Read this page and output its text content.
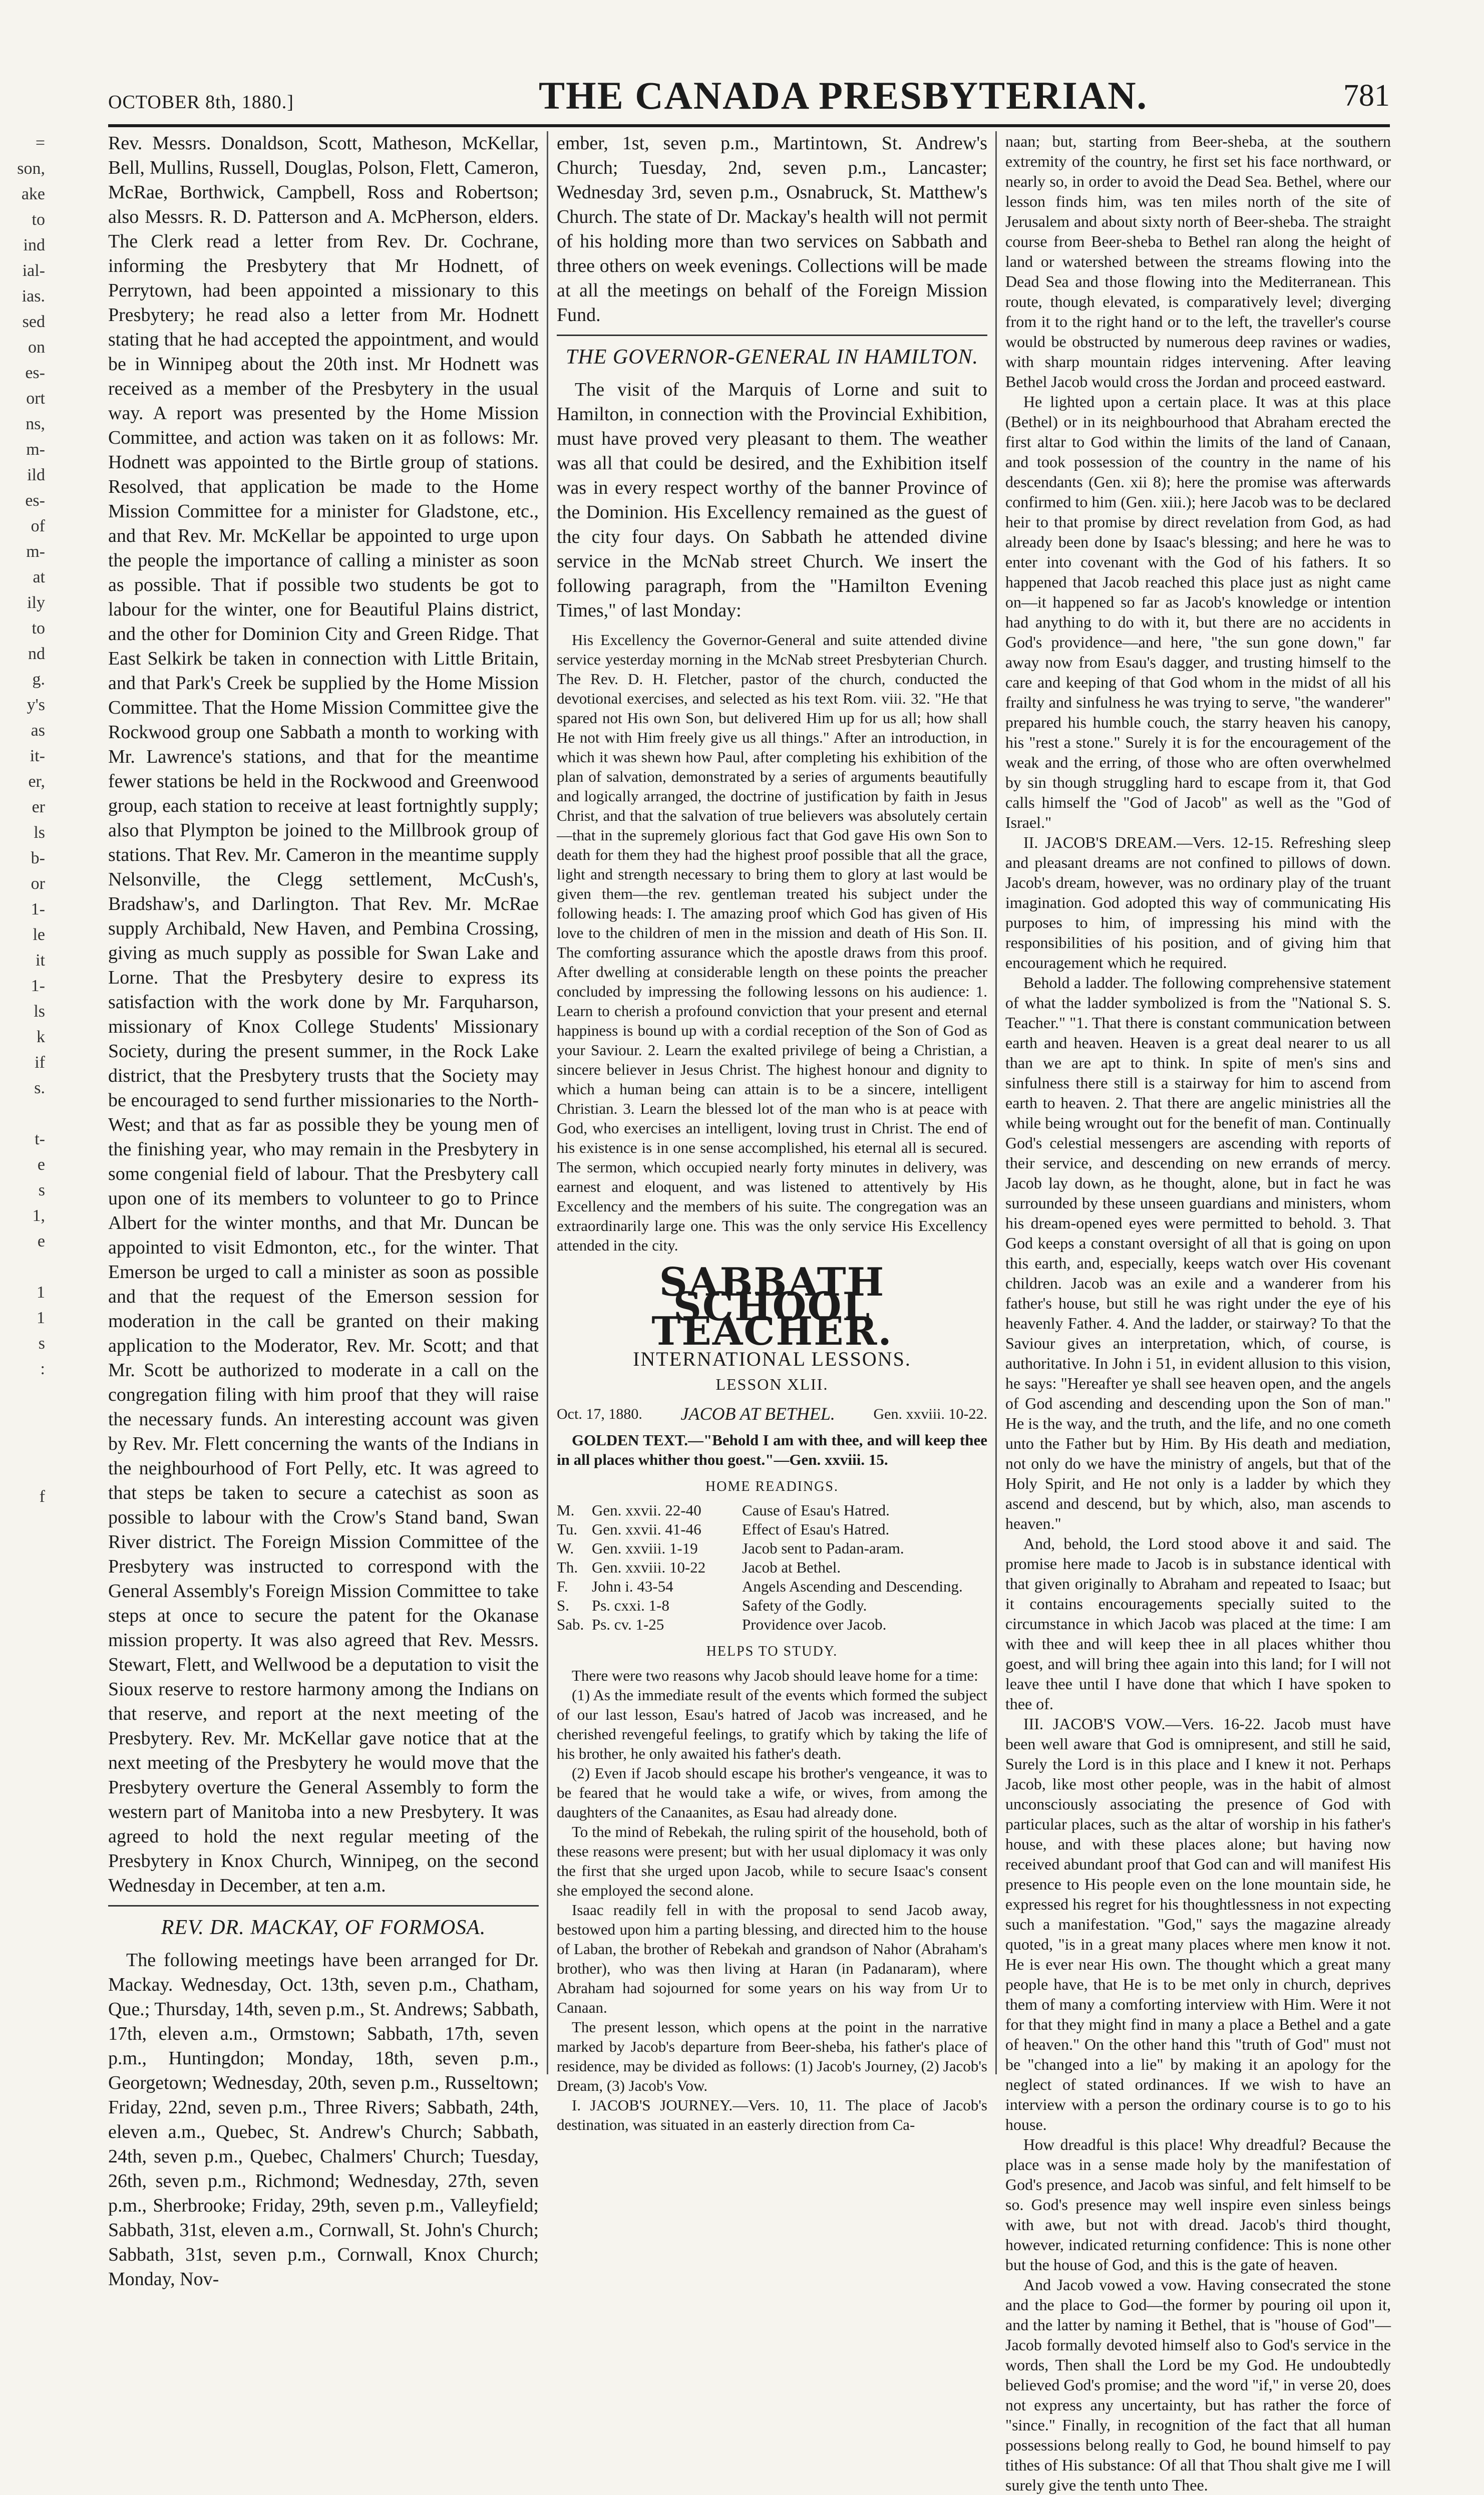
OCTOBER 8th, 1880.]	THE CANADA PRESBYTERIAN.	781
=
son,
ake
to
ind
ial-
ias.
sed
on
es-
ort
ns,
m-
ild
es-
of
m-
at
ily
to
nd
g.
y's
as
it-
er,
er
ls
b-
or
1-
le
it
1-
ls
k
if
s.
t-
e
s
1,
e
1
1
s
:
f

Rev. Messrs. Donaldson, Scott, Matheson, McKellar, Bell, Mullins, Russell, Douglas, Polson, Flett, Cameron, McRae, Borthwick, Campbell, Ross and Robertson; also Messrs. R. D. Patterson and A. McPherson, elders. The Clerk read a letter from Rev. Dr. Cochrane, informing the Presbytery that Mr Hodnett, of Perrytown, had been appointed a missionary to this Presbytery; he read also a letter from Mr. Hodnett stating that he had accepted the appointment, and would be in Winnipeg about the 20th inst. Mr Hodnett was received as a member of the Presbytery in the usual way. A report was presented by the Home Mission Committee, and action was taken on it as follows: Mr. Hodnett was appointed to the Birtle group of stations. Resolved, that application be made to the Home Mission Committee for a minister for Gladstone, etc., and that Rev. Mr. McKellar be appointed to urge upon the people the importance of calling a minister as soon as possible. That if possible two students be got to labour for the winter, one for Beautiful Plains district, and the other for Dominion City and Green Ridge. That East Selkirk be taken in connection with Little Britain, and that Park's Creek be supplied by the Home Mission Committee. That the Home Mission Committee give the Rockwood group one Sabbath a month to working with Mr. Lawrence's stations, and that for the meantime fewer stations be held in the Rockwood and Greenwood group, each station to receive at least fortnightly supply; also that Plympton be joined to the Millbrook group of stations. That Rev. Mr. Cameron in the meantime supply Nelsonville, the Clegg settlement, McCush's, Bradshaw's, and Darlington. That Rev. Mr. McRae supply Archibald, New Haven, and Pembina Crossing, giving as much supply as possible for Swan Lake and Lorne. That the Presbytery desire to express its satisfaction with the work done by Mr. Farquharson, missionary of Knox College Students' Missionary Society, during the present summer, in the Rock Lake district, that the Presbytery trusts that the Society may be encouraged to send further missionaries to the North-West; and that as far as possible they be young men of the finishing year, who may remain in the Presbytery in some congenial field of labour. That the Presbytery call upon one of its members to volunteer to go to Prince Albert for the winter months, and that Mr. Duncan be appointed to visit Edmonton, etc., for the winter. That Emerson be urged to call a minister as soon as possible and that the request of the Emerson session for moderation in the call be granted on their making application to the Moderator, Rev. Mr. Scott; and that Mr. Scott be authorized to moderate in a call on the congregation filing with him proof that they will raise the necessary funds. An interesting account was given by Rev. Mr. Flett concerning the wants of the Indians in the neighbourhood of Fort Pelly, etc. It was agreed to that steps be taken to secure a catechist as soon as possible to labour with the Crow's Stand band, Swan River district. The Foreign Mission Committee of the Presbytery was instructed to correspond with the General Assembly's Foreign Mission Committee to take steps at once to secure the patent for the Okanase mission property. It was also agreed that Rev. Messrs. Stewart, Flett, and Wellwood be a deputation to visit the Sioux reserve to restore harmony among the Indians on that reserve, and report at the next meeting of the Presbytery. Rev. Mr. McKellar gave notice that at the next meeting of the Presbytery he would move that the Presbytery overture the General Assembly to form the western part of Manitoba into a new Presbytery. It was agreed to hold the next regular meeting of the Presbytery in Knox Church, Winnipeg, on the second Wednesday in December, at ten a.m.

REV. DR. MACKAY, OF FORMOSA.

The following meetings have been arranged for Dr. Mackay. Wednesday, Oct. 13th, seven p.m., Chatham, Que.; Thursday, 14th, seven p.m., St. Andrews; Sabbath, 17th, eleven a.m., Ormstown; Sabbath, 17th, seven p.m., Huntingdon; Monday, 18th, seven p.m., Georgetown; Wednesday, 20th, seven p.m., Russeltown; Friday, 22nd, seven p.m., Three Rivers; Sabbath, 24th, eleven a.m., Quebec, St. Andrew's Church; Sabbath, 24th, seven p.m., Quebec, Chalmers' Church; Tuesday, 26th, seven p.m., Richmond; Wednesday, 27th, seven p.m., Sherbrooke; Friday, 29th, seven p.m., Valleyfield; Sabbath, 31st, eleven a.m., Cornwall, St. John's Church; Sabbath, 31st, seven p.m., Cornwall, Knox Church; Monday, Nov-

ember, 1st, seven p.m., Martintown, St. Andrew's Church; Tuesday, 2nd, seven p.m., Lancaster; Wednesday 3rd, seven p.m., Osnabruck, St. Matthew's Church. The state of Dr. Mackay's health will not permit of his holding more than two services on Sabbath and three others on week evenings. Collections will be made at all the meetings on behalf of the Foreign Mission Fund.

THE GOVERNOR-GENERAL IN HAMILTON.

The visit of the Marquis of Lorne and suit to Hamilton, in connection with the Provincial Exhibition, must have proved very pleasant to them. The weather was all that could be desired, and the Exhibition itself was in every respect worthy of the banner Province of the Dominion. His Excellency remained as the guest of the city four days. On Sabbath he attended divine service in the McNab street Church. We insert the following paragraph, from the "Hamilton Evening Times," of last Monday:

His Excellency the Governor-General and suite attended divine service yesterday morning in the McNab street Presbyterian Church. The Rev. D. H. Fletcher, pastor of the church, conducted the devotional exercises, and selected as his text Rom. viii. 32. "He that spared not His own Son, but delivered Him up for us all; how shall He not with Him freely give us all things." After an introduction, in which it was shewn how Paul, after completing his exhibition of the plan of salvation, demonstrated by a series of arguments beautifully and logically arranged, the doctrine of justification by faith in Jesus Christ, and that the salvation of true believers was absolutely certain—that in the supremely glorious fact that God gave His own Son to death for them they had the highest proof possible that all the grace, light and strength necessary to bring them to glory at last would be given them—the rev. gentleman treated his subject under the following heads: I. The amazing proof which God has given of His love to the children of men in the mission and death of His Son. II. The comforting assurance which the apostle draws from this proof. After dwelling at considerable length on these points the preacher concluded by impressing the following lessons on his audience: 1. Learn to cherish a profound conviction that your present and eternal happiness is bound up with a cordial reception of the Son of God as your Saviour. 2. Learn the exalted privilege of being a Christian, a sincere believer in Jesus Christ. The highest honour and dignity to which a human being can attain is to be a sincere, intelligent Christian. 3. Learn the blessed lot of the man who is at peace with God, who exercises an intelligent, loving trust in Christ. The end of his existence is in one sense accomplished, his eternal all is secured. The sermon, which occupied nearly forty minutes in delivery, was earnest and eloquent, and was listened to attentively by His Excellency and the members of his suite. The congregation was an extraordinarily large one. This was the only service His Excellency attended in the city.

SABBATH SCHOOL TEACHER.
INTERNATIONAL LESSONS.
LESSON XLII.
Oct. 17, 1880. JACOB AT BETHEL.	Gen. xxviii. 10-22.

GOLDEN TEXT.—"Behold I am with thee, and will keep thee in all places whither thou goest."—Gen. xxviii. 15.

HOME READINGS.
M.	Gen. xxvii. 22-40	Cause of Esau's Hatred.
Tu.	Gen. xxvii. 41-46	Effect of Esau's Hatred.
W.	Gen. xxviii. 1-19	Jacob sent to Padan-aram.
Th.	Gen. xxviii. 10-22	Jacob at Bethel.
F.	John i. 43-54	Angels Ascending and Descending.
S.	Ps. cxxi. 1-8	Safety of the Godly.
Sab.	Ps. cv. 1-25	Providence over Jacob.
HELPS TO STUDY.

There were two reasons why Jacob should leave home for a time:

(1) As the immediate result of the events which formed the subject of our last lesson, Esau's hatred of Jacob was increased, and he cherished revengeful feelings, to gratify which by taking the life of his brother, he only awaited his father's death.

(2) Even if Jacob should escape his brother's vengeance, it was to be feared that he would take a wife, or wives, from among the daughters of the Canaanites, as Esau had already done.

To the mind of Rebekah, the ruling spirit of the household, both of these reasons were present; but with her usual diplomacy it was only the first that she urged upon Jacob, while to secure Isaac's consent she employed the second alone.

Isaac readily fell in with the proposal to send Jacob away, bestowed upon him a parting blessing, and directed him to the house of Laban, the brother of Rebekah and grandson of Nahor (Abraham's brother), who was then living at Haran (in Padanaram), where Abraham had sojourned for some years on his way from Ur to Canaan.

The present lesson, which opens at the point in the narrative marked by Jacob's departure from Beer-sheba, his father's place of residence, may be divided as follows: (1) Jacob's Journey, (2) Jacob's Dream, (3) Jacob's Vow.

I. JACOB'S JOURNEY.—Vers. 10, 11. The place of Jacob's destination, was situated in an easterly direction from Ca-

naan; but, starting from Beer-sheba, at the southern extremity of the country, he first set his face northward, or nearly so, in order to avoid the Dead Sea. Bethel, where our lesson finds him, was ten miles north of the site of Jerusalem and about sixty north of Beer-sheba. The straight course from Beer-sheba to Bethel ran along the height of land or watershed between the streams flowing into the Dead Sea and those flowing into the Mediterranean. This route, though elevated, is comparatively level; diverging from it to the right hand or to the left, the traveller's course would be obstructed by numerous deep ravines or wadies, with sharp mountain ridges intervening. After leaving Bethel Jacob would cross the Jordan and proceed eastward.

He lighted upon a certain place. It was at this place (Bethel) or in its neighbourhood that Abraham erected the first altar to God within the limits of the land of Canaan, and took possession of the country in the name of his descendants (Gen. xii 8); here the promise was afterwards confirmed to him (Gen. xiii.); here Jacob was to be declared heir to that promise by direct revelation from God, as had already been done by Isaac's blessing; and here he was to enter into covenant with the God of his fathers. It so happened that Jacob reached this place just as night came on—it happened so far as Jacob's knowledge or intention had anything to do with it, but there are no accidents in God's providence—and here, "the sun gone down," far away now from Esau's dagger, and trusting himself to the care and keeping of that God whom in the midst of all his frailty and sinfulness he was trying to serve, "the wanderer" prepared his humble couch, the starry heaven his canopy, his "rest a stone." Surely it is for the encouragement of the weak and the erring, of those who are often overwhelmed by sin though struggling hard to escape from it, that God calls himself the "God of Jacob" as well as the "God of Israel."

II. JACOB'S DREAM.—Vers. 12-15. Refreshing sleep and pleasant dreams are not confined to pillows of down. Jacob's dream, however, was no ordinary play of the truant imagination. God adopted this way of communicating His purposes to him, of impressing his mind with the responsibilities of his position, and of giving him that encouragement which he required.

Behold a ladder. The following comprehensive statement of what the ladder symbolized is from the "National S. S. Teacher." "1. That there is constant communication between earth and heaven. Heaven is a great deal nearer to us all than we are apt to think. In spite of men's sins and sinfulness there still is a stairway for him to ascend from earth to heaven. 2. That there are angelic ministries all the while being wrought out for the benefit of man. Continually God's celestial messengers are ascending with reports of their service, and descending on new errands of mercy. Jacob lay down, as he thought, alone, but in fact he was surrounded by these unseen guardians and ministers, whom his dream-opened eyes were permitted to behold. 3. That God keeps a constant oversight of all that is going on upon this earth, and, especially, keeps watch over His covenant children. Jacob was an exile and a wanderer from his father's house, but still he was right under the eye of his heavenly Father. 4. And the ladder, or stairway? To that the Saviour gives an interpretation, which, of course, is authoritative. In John i 51, in evident allusion to this vision, he says: "Hereafter ye shall see heaven open, and the angels of God ascending and descending upon the Son of man." He is the way, and the truth, and the life, and no one cometh unto the Father but by Him. By His death and mediation, not only do we have the ministry of angels, but that of the Holy Spirit, and He not only is a ladder by which they ascend and descend, but by which, also, man ascends to heaven."

And, behold, the Lord stood above it and said. The promise here made to Jacob is in substance identical with that given originally to Abraham and repeated to Isaac; but it contains encouragements specially suited to the circumstance in which Jacob was placed at the time: I am with thee and will keep thee in all places whither thou goest, and will bring thee again into this land; for I will not leave thee until I have done that which I have spoken to thee of.

III. JACOB'S VOW.—Vers. 16-22. Jacob must have been well aware that God is omnipresent, and still he said, Surely the Lord is in this place and I knew it not. Perhaps Jacob, like most other people, was in the habit of almost unconsciously associating the presence of God with particular places, such as the altar of worship in his father's house, and with these places alone; but having now received abundant proof that God can and will manifest His presence to His people even on the lone mountain side, he expressed his regret for his thoughtlessness in not expecting such a manifestation. "God," says the magazine already quoted, "is in a great many places where men know it not. He is ever near His own. The thought which a great many people have, that He is to be met only in church, deprives them of many a comforting interview with Him. Were it not for that they might find in many a place a Bethel and a gate of heaven." On the other hand this "truth of God" must not be "changed into a lie" by making it an apology for the neglect of stated ordinances. If we wish to have an interview with a person the ordinary course is to go to his house.

How dreadful is this place! Why dreadful? Because the place was in a sense made holy by the manifestation of God's presence, and Jacob was sinful, and felt himself to be so. God's presence may well inspire even sinless beings with awe, but not with dread. Jacob's third thought, however, indicated returning confidence: This is none other but the house of God, and this is the gate of heaven.

And Jacob vowed a vow. Having consecrated the stone and the place to God—the former by pouring oil upon it, and the latter by naming it Bethel, that is "house of God"—Jacob formally devoted himself also to God's service in the words, Then shall the Lord be my God. He undoubtedly believed God's promise; and the word "if," in verse 20, does not express any uncertainty, but has rather the force of "since." Finally, in recognition of the fact that all human possessions belong really to God, he bound himself to pay tithes of His substance: Of all that Thou shalt give me I will surely give the tenth unto Thee.
